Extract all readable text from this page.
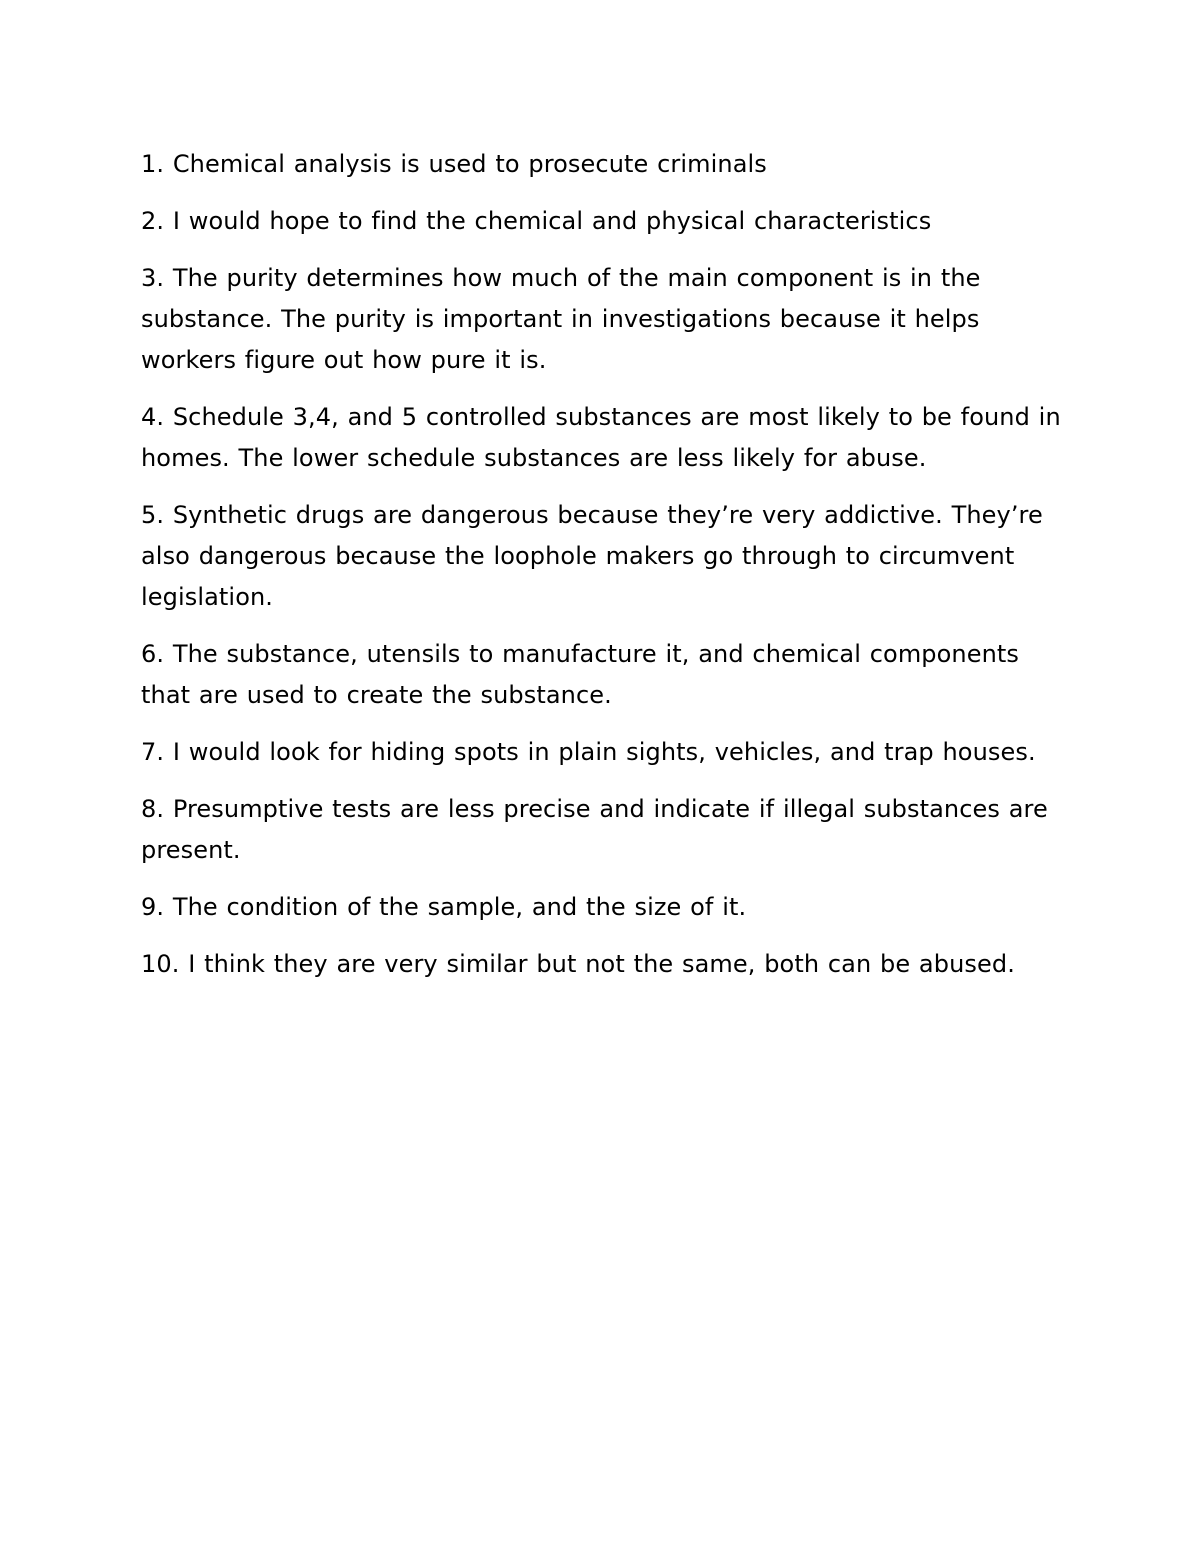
1. Chemical analysis is used to prosecute criminals

2. I would hope to find the chemical and physical characteristics

3. The purity determines how much of the main component is in the substance. The purity is important in investigations because it helps workers figure out how pure it is.

4. Schedule 3,4, and 5 controlled substances are most likely to be found in homes. The lower schedule substances are less likely for abuse.

5. Synthetic drugs are dangerous because they’re very addictive. They’re also dangerous because the loophole makers go through to circumvent legislation.

6. The substance, utensils to manufacture it, and chemical components that are used to create the substance.

7. I would look for hiding spots in plain sights, vehicles, and trap houses.

8. Presumptive tests are less precise and indicate if illegal substances are present.

9. The condition of the sample, and the size of it.

10. I think they are very similar but not the same, both can be abused.
